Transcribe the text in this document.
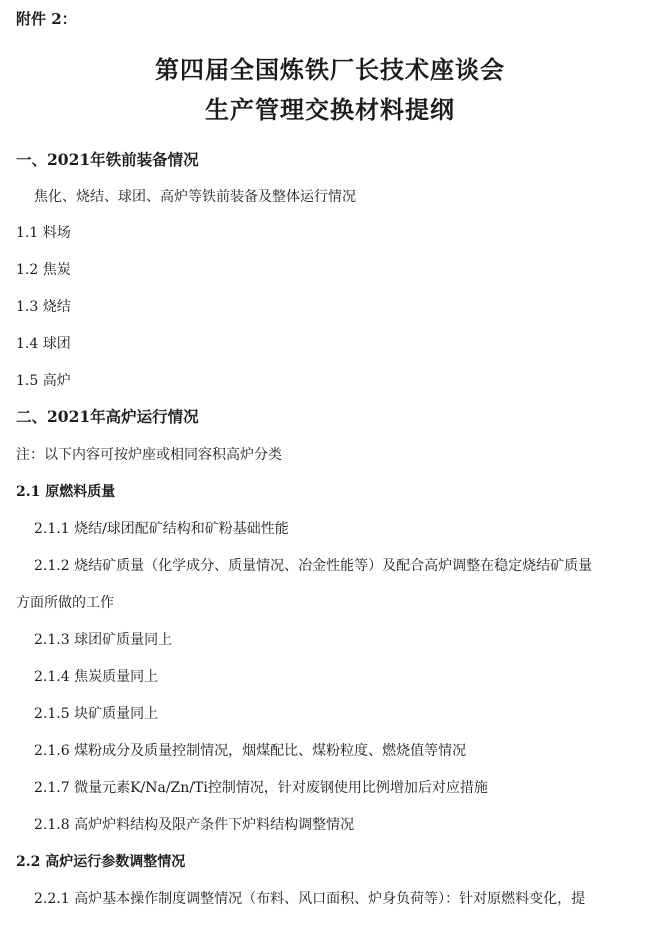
附件 2：
第四届全国炼铁厂长技术座谈会
生产管理交换材料提纲
一、2021年铁前装备情况
焦化、烧结、球团、高炉等铁前装备及整体运行情况
1.1 料场
1.2 焦炭
1.3 烧结
1.4 球团
1.5 高炉
二、2021年高炉运行情况
注：以下内容可按炉座或相同容积高炉分类
2.1 原燃料质量
2.1.1 烧结/球团配矿结构和矿粉基础性能
2.1.2 烧结矿质量（化学成分、质量情况、冶金性能等）及配合高炉调整在稳定烧结矿质量
方面所做的工作
2.1.3 球团矿质量同上
2.1.4 焦炭质量同上
2.1.5 块矿质量同上
2.1.6 煤粉成分及质量控制情况，烟煤配比、煤粉粒度、燃烧值等情况
2.1.7 微量元素K/Na/Zn/Ti控制情况，针对废钢使用比例增加后对应措施
2.1.8 高炉炉料结构及限产条件下炉料结构调整情况
2.2 高炉运行参数调整情况
2.2.1 高炉基本操作制度调整情况（布料、风口面积、炉身负荷等）：针对原燃料变化，提
